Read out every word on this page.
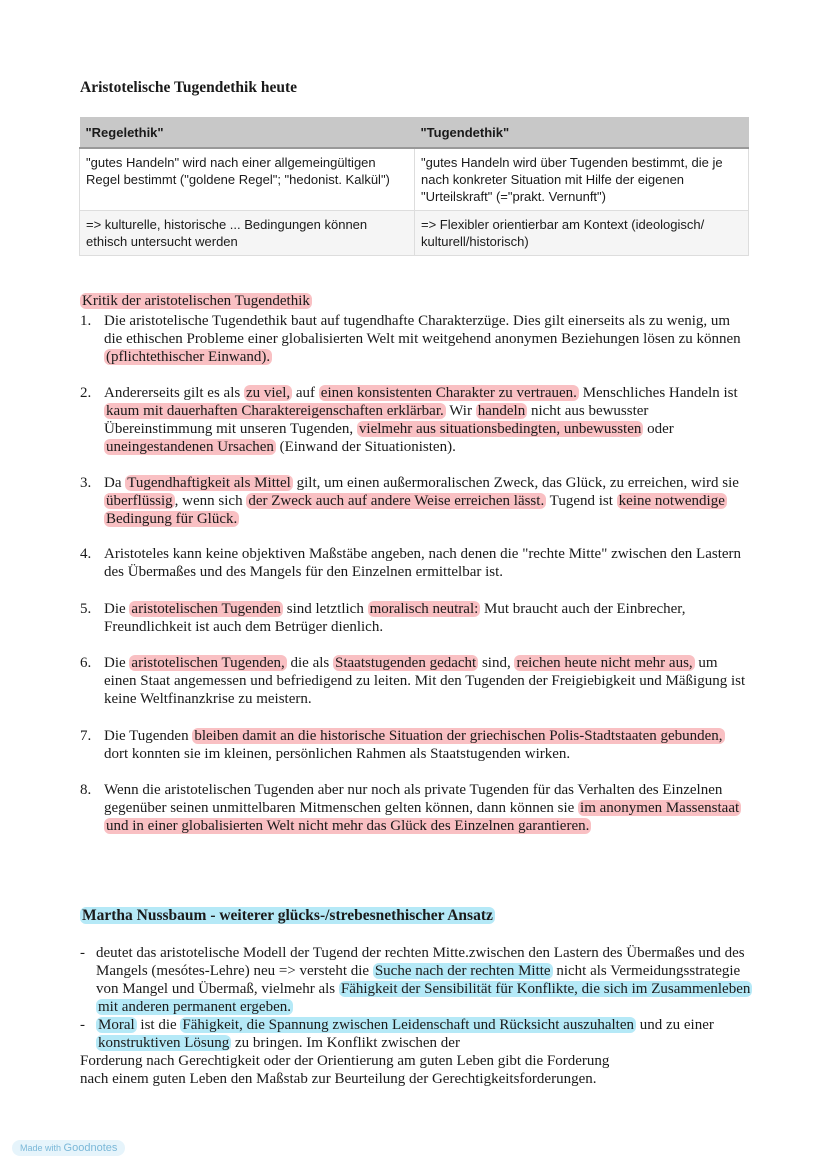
Aristotelische Tugendethik heute
"Regelethik"	"Tugendethik"
"gutes Handeln" wird nach einer allgemeingültigen Regel bestimmt ("goldene Regel"; "hedonist. Kalkül")	"gutes Handeln wird über Tugenden bestimmt, die je nach konkreter Situation mit Hilfe der eigenen "Urteilskraft" (="prakt. Vernunft")
=> kulturelle, historische ... Bedingungen können ethisch untersucht werden	=> Flexibler orientierbar am Kontext (ideologisch/ kulturell/historisch)
Kritik der aristotelischen Tugendethik
1. Die aristotelische Tugendethik baut auf tugendhafte Charakterzüge. Dies gilt einerseits als zu wenig, um die ethischen Probleme einer globalisierten Welt mit weitgehend anonymen Beziehungen lösen zu können (pflichtethischer Einwand).
2. Andererseits gilt es als zu viel, auf einen konsistenten Charakter zu vertrauen. Menschliches Handeln ist kaum mit dauerhaften Charaktereigenschaften erklärbar. Wir handeln nicht aus bewusster Übereinstimmung mit unseren Tugenden, vielmehr aus situationsbedingten, unbewussten oder uneingestandenen Ursachen (Einwand der Situationisten).
3. Da Tugendhaftigkeit als Mittel gilt, um einen außermoralischen Zweck, das Glück, zu erreichen, wird sie überflüssig , wenn sich der Zweck auch auf andere Weise erreichen lässt. Tugend ist keine notwendige Bedingung für Glück.
4. Aristoteles kann keine objektiven Maßstäbe angeben, nach denen die "rechte Mitte" zwischen den Lastern des Übermaßes und des Mangels für den Einzelnen ermittelbar ist.
5. Die aristotelischen Tugenden sind letztlich moralisch neutral: Mut braucht auch der Einbrecher, Freundlichkeit ist auch dem Betrüger dienlich.
6. Die aristotelischen Tugenden, die als Staatstugenden gedacht sind, reichen heute nicht mehr aus, um einen Staat angemessen und befriedigend zu leiten. Mit den Tugenden der Freigiebigkeit und Mäßigung ist keine Weltfinanzkrise zu meistern.
7. Die Tugenden bleiben damit an die historische Situation der griechischen Polis-Stadtstaaten gebunden, dort konnten sie im kleinen, persönlichen Rahmen als Staatstugenden wirken.
8. Wenn die aristotelischen Tugenden aber nur noch als private Tugenden für das Verhalten des Einzelnen gegenüber seinen unmittelbaren Mitmenschen gelten können, dann können sie im anonymen Massenstaat und in einer globalisierten Welt nicht mehr das Glück des Einzelnen garantieren.
Martha Nussbaum - weiterer glücks-/strebesnethischer Ansatz
- deutet das aristotelische Modell der Tugend der rechten Mitte.zwischen den Lastern des Übermaßes und des Mangels (mesótes-Lehre) neu => versteht die Suche nach der rechten Mitte nicht als Vermeidungsstrategie von Mangel und Übermaß, vielmehr als Fähigkeit der Sensibilität für Konflikte, die sich im Zusammenleben mit anderen permanent ergeben.
- Moral ist die Fähigkeit, die Spannung zwischen Leidenschaft und Rücksicht auszuhalten und zu einer konstruktiven Lösung zu bringen. Im Konflikt zwischen der
Forderung nach Gerechtigkeit oder der Orientierung am guten Leben gibt die Forderung
nach einem guten Leben den Maßstab zur Beurteilung der Gerechtigkeitsforderungen.
Made with Goodnotes
